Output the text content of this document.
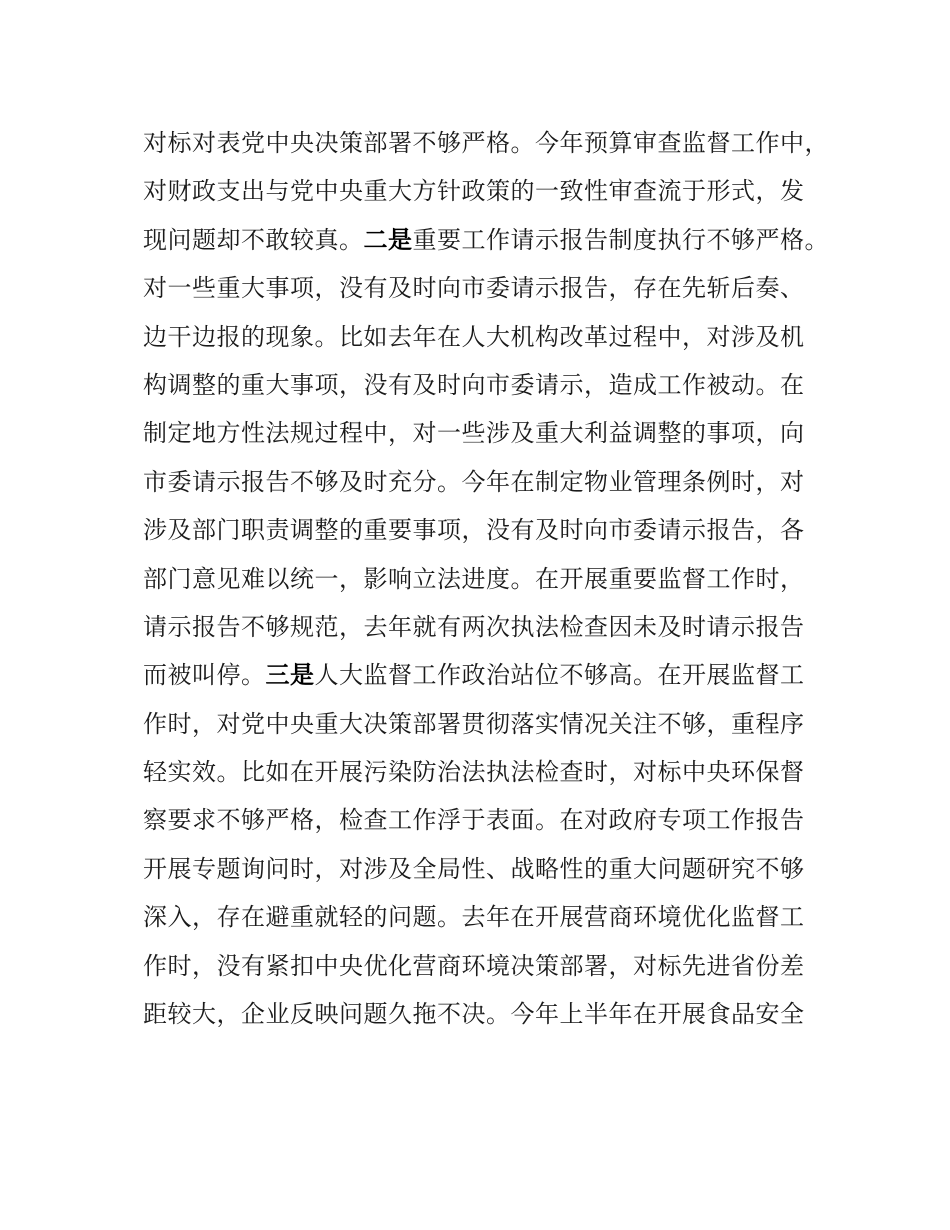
对标对表党中央决策部署不够严格。今年预算审查监督工作中，
对财政支出与党中央重大方针政策的一致性审查流于形式，发
现问题却不敢较真。二是重要工作请示报告制度执行不够严格。
对一些重大事项，没有及时向市委请示报告，存在先斩后奏、
边干边报的现象。比如去年在人大机构改革过程中，对涉及机
构调整的重大事项，没有及时向市委请示，造成工作被动。在
制定地方性法规过程中，对一些涉及重大利益调整的事项，向
市委请示报告不够及时充分。今年在制定物业管理条例时，对
涉及部门职责调整的重要事项，没有及时向市委请示报告，各
部门意见难以统一，影响立法进度。在开展重要监督工作时，
请示报告不够规范，去年就有两次执法检查因未及时请示报告
而被叫停。三是人大监督工作政治站位不够高。在开展监督工
作时，对党中央重大决策部署贯彻落实情况关注不够，重程序
轻实效。比如在开展污染防治法执法检查时，对标中央环保督
察要求不够严格，检查工作浮于表面。在对政府专项工作报告
开展专题询问时，对涉及全局性、战略性的重大问题研究不够
深入，存在避重就轻的问题。去年在开展营商环境优化监督工
作时，没有紧扣中央优化营商环境决策部署，对标先进省份差
距较大，企业反映问题久拖不决。今年上半年在开展食品安全
